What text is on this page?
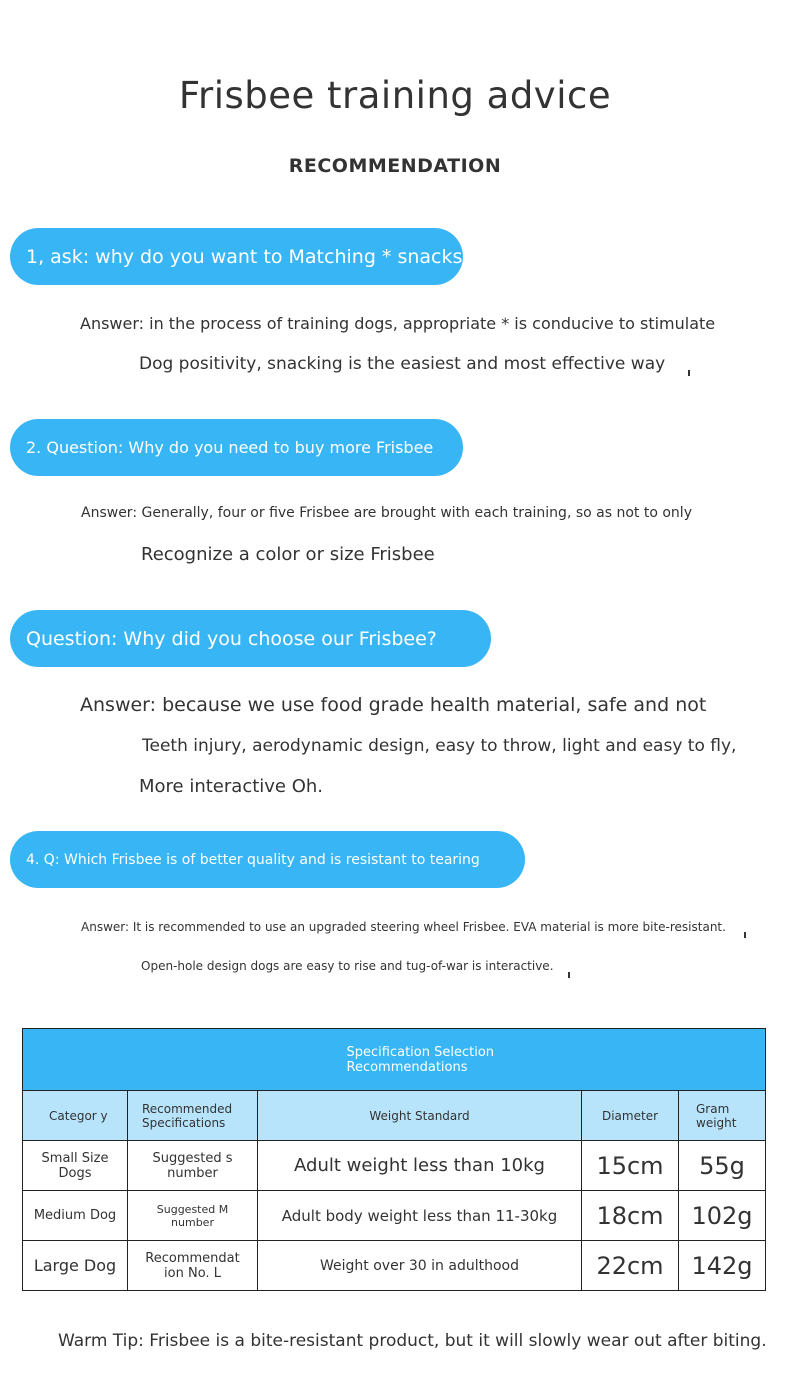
Frisbee training advice
RECOMMENDATION
1, ask: why do you want to Matching * snacks
Answer: in the process of training dogs, appropriate * is conducive to stimulate
Dog positivity, snacking is the easiest and most effective way
2. Question: Why do you need to buy more Frisbee
Answer: Generally, four or five Frisbee are brought with each training, so as not to only
Recognize a color or size Frisbee
Question: Why did you choose our Frisbee?
Answer: because we use food grade health material, safe and not
Teeth injury, aerodynamic design, easy to throw, light and easy to fly,
More interactive Oh.
4. Q: Which Frisbee is of better quality and is resistant to tearing
Answer: It is recommended to use an upgraded steering wheel Frisbee. EVA material is more bite-resistant.
Open-hole design dogs are easy to rise and tug-of-war is interactive.
Specification Selection
Recommendations				
Categor y	Recommended Specifications	Weight Standard	Diameter	Gram weight
Small Size Dogs	Suggested s number	Adult weight less than 10kg	15cm	55g
Medium Dog	Suggested M number	Adult body weight less than 11-30kg	18cm	102g
Large Dog	Recommendat ion No. L	Weight over 30 in adulthood	22cm	142g
Warm Tip: Frisbee is a bite-resistant product, but it will slowly wear out after biting.
